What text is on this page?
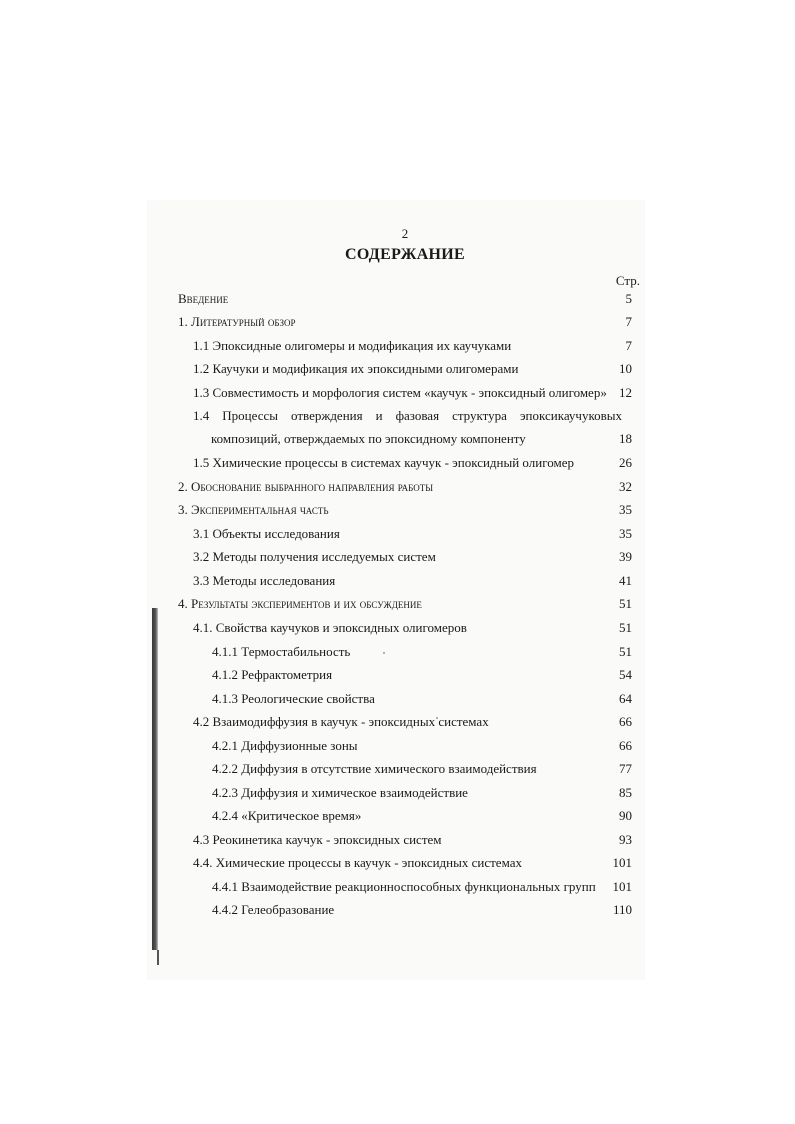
2
СОДЕРЖАНИЕ
Стр.
Введение	5
1. Литературный обзор	7
1.1 Эпоксидные олигомеры и модификация их каучуками	7
1.2 Каучуки и модификация их эпоксидными олигомерами	10
1.3 Совместимость и морфология систем «каучук - эпоксидный олигомер» 12
1.4 Процессы отверждения и фазовая структура эпоксикаучуковых
композиций, отверждаемых по эпоксидному компоненту	18
1.5 Химические процессы в системах каучук - эпоксидный олигомер	26
2. Обоснование выбранного направления работы	32
3. Экспериментальная часть	35
3.1 Объекты исследования	35
3.2 Методы получения исследуемых систем	39
3.3 Методы исследования	41
4. Результаты экспериментов и их обсуждение	51
4.1. Свойства каучуков и эпоксидных олигомеров	51
4.1.1 Термостабильность	51
4.1.2 Рефрактометрия	54
4.1.3 Реологические свойства	64
4.2 Взаимодиффузия в каучук - эпоксидных системах	66
4.2.1 Диффузионные зоны	66
4.2.2 Диффузия в отсутствие химического взаимодействия	77
4.2.3 Диффузия и химическое взаимодействие	85
4.2.4 «Критическое время»	90
4.3 Реокинетика каучук - эпоксидных систем	93
4.4. Химические процессы в каучук - эпоксидных системах	101
4.4.1 Взаимодействие реакционноспособных функциональных групп 101
4.4.2 Гелеобразование	110
